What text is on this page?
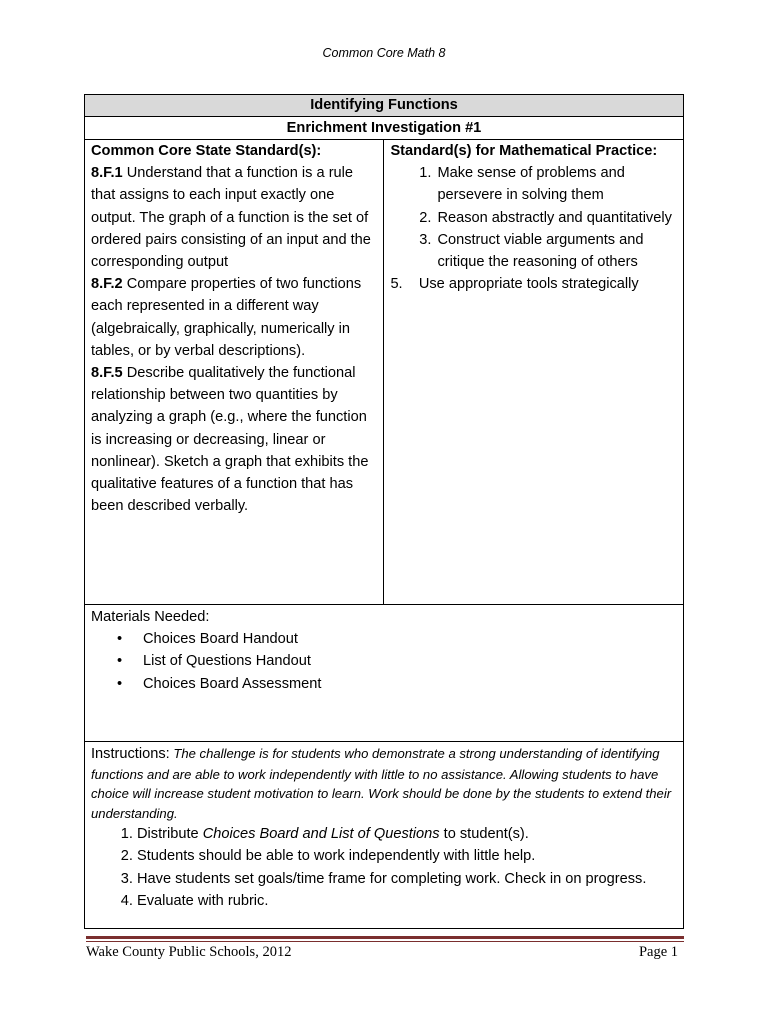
Common Core Math 8
Identifying Functions
Enrichment Investigation #1

Common Core State Standard(s):
8.F.1 Understand that a function is a rule that assigns to each input exactly one output. The graph of a function is the set of ordered pairs consisting of an input and the corresponding output
8.F.2 Compare properties of two functions each represented in a different way (algebraically, graphically, numerically in tables, or by verbal descriptions).
8.F.5 Describe qualitatively the functional relationship between two quantities by analyzing a graph (e.g., where the function is increasing or decreasing, linear or nonlinear). Sketch a graph that exhibits the qualitative features of a function that has been described verbally.

Standard(s) for Mathematical Practice:
1. Make sense of problems and persevere in solving them
2. Reason abstractly and quantitatively
3. Construct viable arguments and critique the reasoning of others
5.    Use appropriate tools strategically

Materials Needed:
• Choices Board Handout
• List of Questions Handout
• Choices Board Assessment

Instructions: The challenge is for students who demonstrate a strong understanding of identifying functions and are able to work independently with little to no assistance. Allowing students to have choice will increase student motivation to learn. Work should be done by the students to extend their understanding.
1. Distribute Choices Board and List of Questions to student(s).
2. Students should be able to work independently with little help.
3. Have students set goals/time frame for completing work. Check in on progress.
4. Evaluate with rubric.
Wake County Public Schools, 2012	Page 1
